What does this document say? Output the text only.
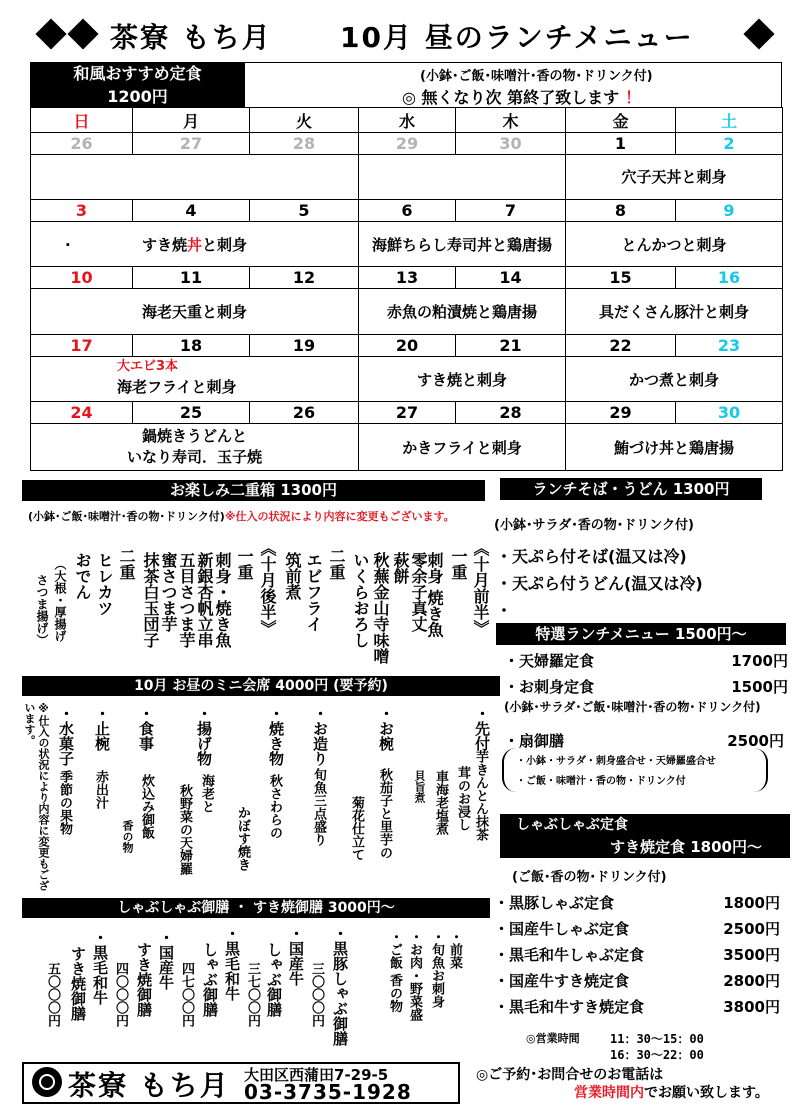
茶寮 もち月 10月 昼のランチメニュー
和風おすすめ定食
1200円
(小鉢･ご飯･味噌汁･香の物･ドリンク付)
◎ 無くなり次 第終了致します ！
日	月	火	水	木	金	土
26	27	28	29	30	1	2

					穴子天丼と刺身	

3	4	5	6	7	8	9

. すき焼丼と刺身			海鮮ちらし寿司丼と鶏唐揚		とんかつと刺身	
10	11	12	13	14	15	16
海老天重と刺身			赤魚の粕漬焼と鶏唐揚		具だくさん豚汁と刺身	

17	18	19	20	21	22	23

大エビ3本
海老フライと刺身			すき焼と刺身		かつ煮と刺身	
24	25	26	27	28	29	30

鍋焼きうどんと
いなり寿司．玉子焼			かきフライと刺身		鮪づけ丼と鶏唐揚	
お楽しみ二重箱 1300円
(小鉢･ご飯･味噌汁･香の物･ドリンク付)※仕入の状況により内容に変更もございます。
《十月前半》
一重
刺身 焼き魚
零余子真丈
萩餅
秋蕪金山寺味噌
いくらおろし
二重
エビフライ
筑前煮
《十月後半》
一重
刺身・焼き魚
新銀杏帆立串
五目さつま芋
蜜さつま芋
抹茶白玉団子
二重
ヒレカツ
おでん
（大根・厚揚げ
さつま揚げ）
ランチそば・うどん 1300円
(小鉢･サラダ･香の物･ドリンク付)
・天ぷら付そば(温又は冷)
・天ぷら付うどん(温又は冷)
・
特選ランチメニュー 1500円〜
・天婦羅定食	1700円
・お刺身定食	1500円
(小鉢･サラダ･ご飯･味噌汁･香の物･ドリンク付)
・扇御膳	2500円
・小鉢・サラダ・刺身盛合せ・天婦羅盛合せ
・ご飯・味噌汁・香の物・ドリンク付
10月 お昼のミニ会席 4000円 (要予約)
・先付
芋きんとん抹茶
茸のお浸し
車海老塩煮
貝旨煮
・お椀
秋茄子と里芋の
菊花仕立て
・お造り
旬魚三点盛り
・焼き物
秋さわらの
かぼす焼き
・揚げ物
海老と
秋野菜の天婦羅
・食事
炊込み御飯
香の物
・止椀
赤出汁
・水菓子
季節の果物
※仕入の状況により内容に変更もございます。
しゃぶしゃぶ御膳 ・ すき焼御膳 3000円〜
・前菜
・旬魚お刺身
・お肉・野菜盛
・ご飯 香の物
・黒豚しゃぶ御膳
三〇〇〇円
・国産牛
しゃぶ御膳
三七〇〇円
・黒毛和牛
しゃぶ御膳
四七〇〇円
・国産牛
すき焼御膳
四〇〇〇円
・黒毛和牛
すき焼御膳
五〇〇〇円
しゃぶしゃぶ定食
すき焼定食 1800円〜
(ご飯･香の物･ドリンク付)
・黒豚しゃぶ定食	1800円
・国産牛しゃぶ定食	2500円
・黒毛和牛しゃぶ定食	3500円
・国産牛すき焼定食	2800円
・黒毛和牛すき焼定食	3800円
◎営業時間	11：30〜15：00
16：30〜22：00
茶寮 もち月 大田区西蒲田7-29-5
03-3735-1928
◎ご予約･お問合せのお電話は
営業時間内でお願い致します。
